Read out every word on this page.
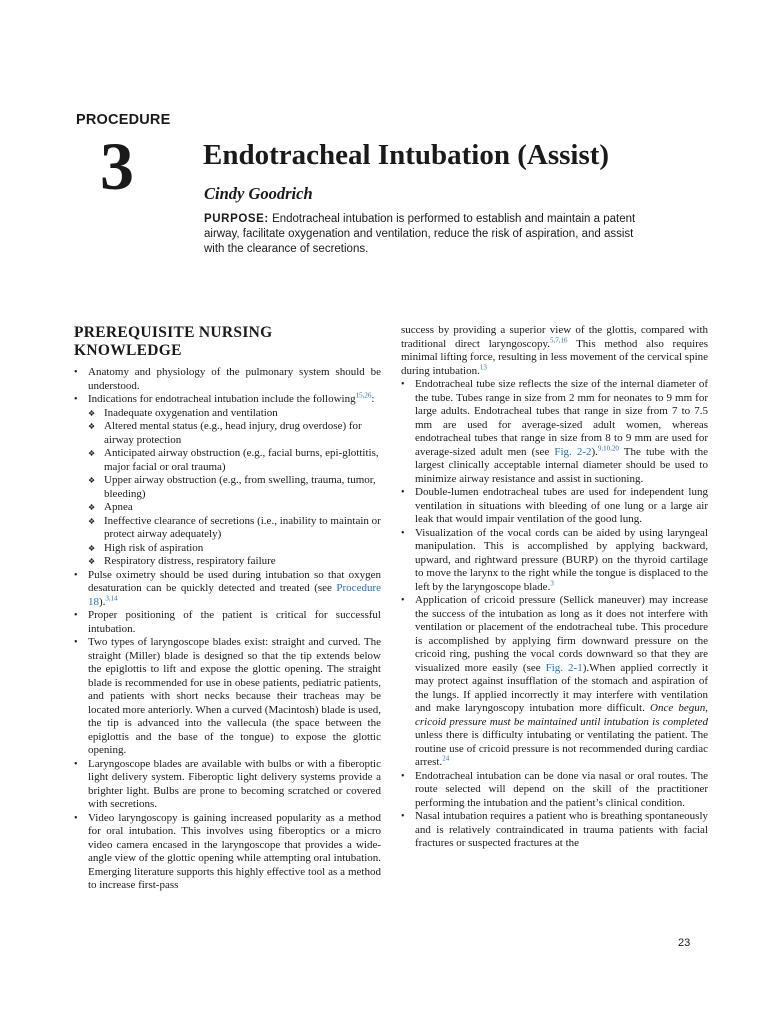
PROCEDURE
3 Endotracheal Intubation (Assist)
Cindy Goodrich
PURPOSE: Endotracheal intubation is performed to establish and maintain a patent airway, facilitate oxygenation and ventilation, reduce the risk of aspiration, and assist with the clearance of secretions.
PREREQUISITE NURSING
KNOWLEDGE
• Anatomy and physiology of the pulmonary system should be understood.
• Indications for endotracheal intubation include the following$^{15,26}$:
❖ Inadequate oxygenation and ventilation
❖ Altered mental status (e.g., head injury, drug overdose) for airway protection
❖ Anticipated airway obstruction (e.g., facial burns, epi-glottitis, major facial or oral trauma)
❖ Upper airway obstruction (e.g., from swelling, trauma, tumor, bleeding)
❖ Apnea
❖ Ineffective clearance of secretions (i.e., inability to maintain or protect airway adequately)
❖ High risk of aspiration
❖ Respiratory distress, respiratory failure
• Pulse oximetry should be used during intubation so that oxygen desaturation can be quickly detected and treated (see Procedure 18).$^{3,14}$
• Proper positioning of the patient is critical for successful intubation.
• Two types of laryngoscope blades exist: straight and curved. The straight (Miller) blade is designed so that the tip extends below the epiglottis to lift and expose the glottic opening. The straight blade is recommended for use in obese patients, pediatric patients, and patients with short necks because their tracheas may be located more anteriorly. When a curved (Macintosh) blade is used, the tip is advanced into the vallecula (the space between the epiglottis and the base of the tongue) to expose the glottic opening.
• Laryngoscope blades are available with bulbs or with a fiberoptic light delivery system. Fiberoptic light delivery systems provide a brighter light. Bulbs are prone to becoming scratched or covered with secretions.
• Video laryngoscopy is gaining increased popularity as a method for oral intubation. This involves using fiberoptics or a micro video camera encased in the laryngoscope that provides a wide-angle view of the glottic opening while attempting oral intubation. Emerging literature supports this highly effective tool as a method to increase first-pass

success by providing a superior view of the glottis, compared with traditional direct laryngoscopy.$^{5,7,16}$ This method also requires minimal lifting force, resulting in less movement of the cervical spine during intubation.$^{13}$

• Endotracheal tube size reflects the size of the internal diameter of the tube. Tubes range in size from 2 mm for neonates to 9 mm for large adults. Endotracheal tubes that range in size from 7 to 7.5 mm are used for average-sized adult women, whereas endotracheal tubes that range in size from 8 to 9 mm are used for average-sized adult men (see Fig. 2-2).$^{9,10,20}$ The tube with the largest clinically acceptable internal diameter should be used to minimize airway resistance and assist in suctioning.
• Double-lumen endotracheal tubes are used for independent lung ventilation in situations with bleeding of one lung or a large air leak that would impair ventilation of the good lung.
• Visualization of the vocal cords can be aided by using laryngeal manipulation. This is accomplished by applying backward, upward, and rightward pressure (BURP) on the thyroid cartilage to move the larynx to the right while the tongue is displaced to the left by the laryngoscope blade.$^3$
• Application of cricoid pressure (Sellick maneuver) may increase the success of the intubation as long as it does not interfere with ventilation or placement of the endotracheal tube. This procedure is accomplished by applying firm downward pressure on the cricoid ring, pushing the vocal cords downward so that they are visualized more easily (see Fig. 2-1).When applied correctly it may protect against insufflation of the stomach and aspiration of the lungs. If applied incorrectly it may interfere with ventilation and make laryngoscopy intubation more difficult. Once begun, cricoid pressure must be maintained until intubation is completed unless there is difficulty intubating or ventilating the patient. The routine use of cricoid pressure is not recommended during cardiac arrest.$^{24}$
• Endotracheal intubation can be done via nasal or oral routes. The route selected will depend on the skill of the practitioner performing the intubation and the patient’s clinical condition.
• Nasal intubation requires a patient who is breathing spontaneously and is relatively contraindicated in trauma patients with facial fractures or suspected fractures at the
23
